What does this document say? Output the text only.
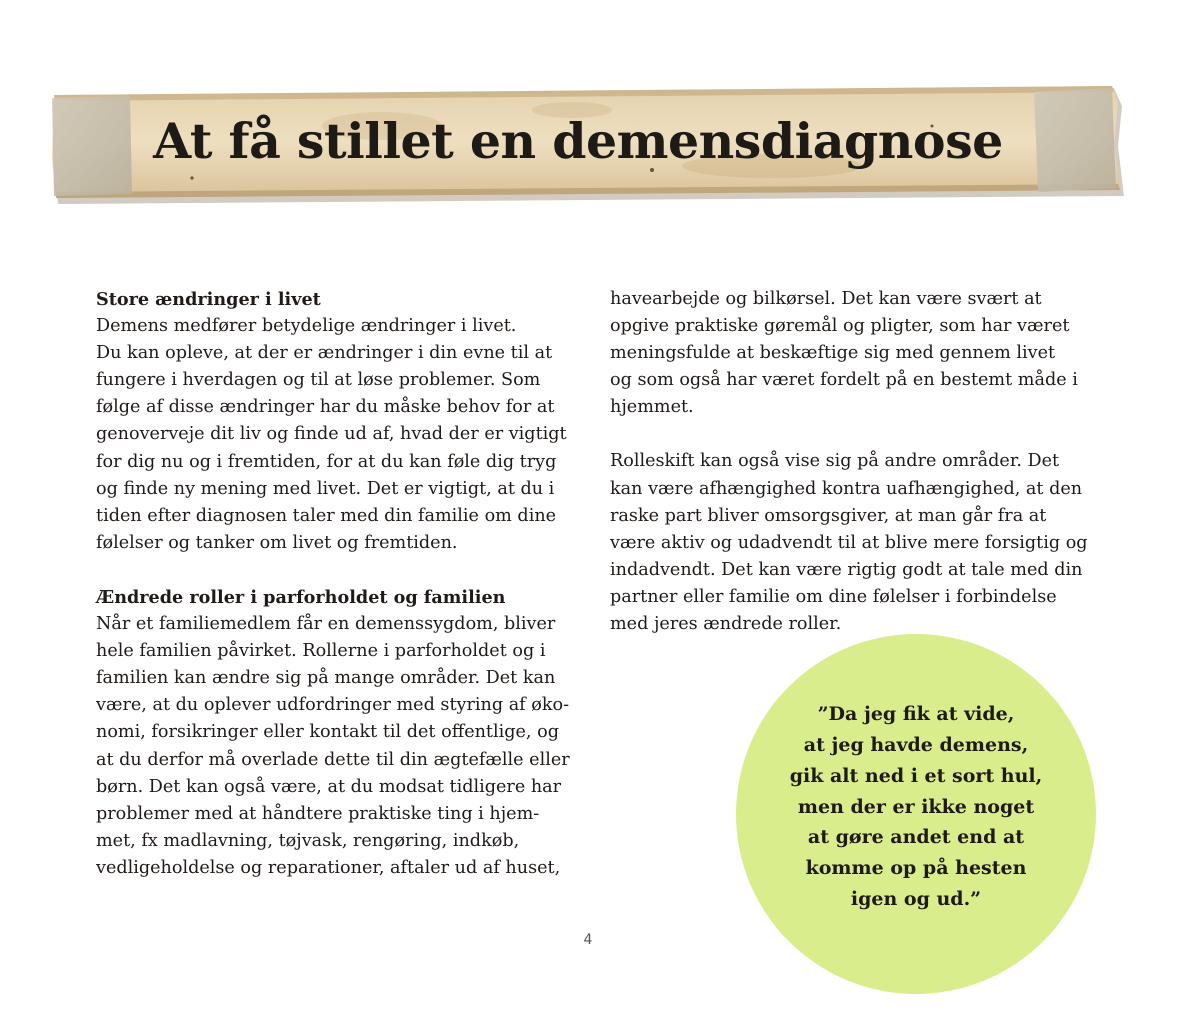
At få stillet en demensdiagnose

Store ændringer i livet

Demens medfører betydelige ændringer i livet.

Du kan opleve, at der er ændringer i din evne til at

fungere i hverdagen og til at løse problemer. Som

følge af disse ændringer har du måske behov for at

genoverveje dit liv og finde ud af, hvad der er vigtigt

for dig nu og i fremtiden, for at du kan føle dig tryg

og finde ny mening med livet. Det er vigtigt, at du i

tiden efter diagnosen taler med din familie om dine

følelser og tanker om livet og fremtiden.

Ændrede roller i parforholdet og familien

Når et familiemedlem får en demenssygdom, bliver

hele familien påvirket. Rollerne i parforholdet og i

familien kan ændre sig på mange områder. Det kan

være, at du oplever udfordringer med styring af øko-

nomi, forsikringer eller kontakt til det offentlige, og

at du derfor må overlade dette til din ægtefælle eller

børn. Det kan også være, at du modsat tidligere har

problemer med at håndtere praktiske ting i hjem-

met, fx madlavning, tøjvask, rengøring, indkøb,

vedligeholdelse og reparationer, aftaler ud af huset,

havearbejde og bilkørsel. Det kan være svært at

opgive praktiske gøremål og pligter, som har været

meningsfulde at beskæftige sig med gennem livet

og som også har været fordelt på en bestemt måde i

hjemmet.

Rolleskift kan også vise sig på andre områder. Det

kan være afhængighed kontra uafhængighed, at den

raske part bliver omsorgsgiver, at man går fra at

være aktiv og udadvendt til at blive mere forsigtig og

indadvendt. Det kan være rigtig godt at tale med din

partner eller familie om dine følelser i forbindelse

med jeres ændrede roller.

”Da jeg fik at vide,
at jeg havde demens,
gik alt ned i et sort hul,
men der er ikke noget
at gøre andet end at
komme op på hesten
igen og ud.”
4
